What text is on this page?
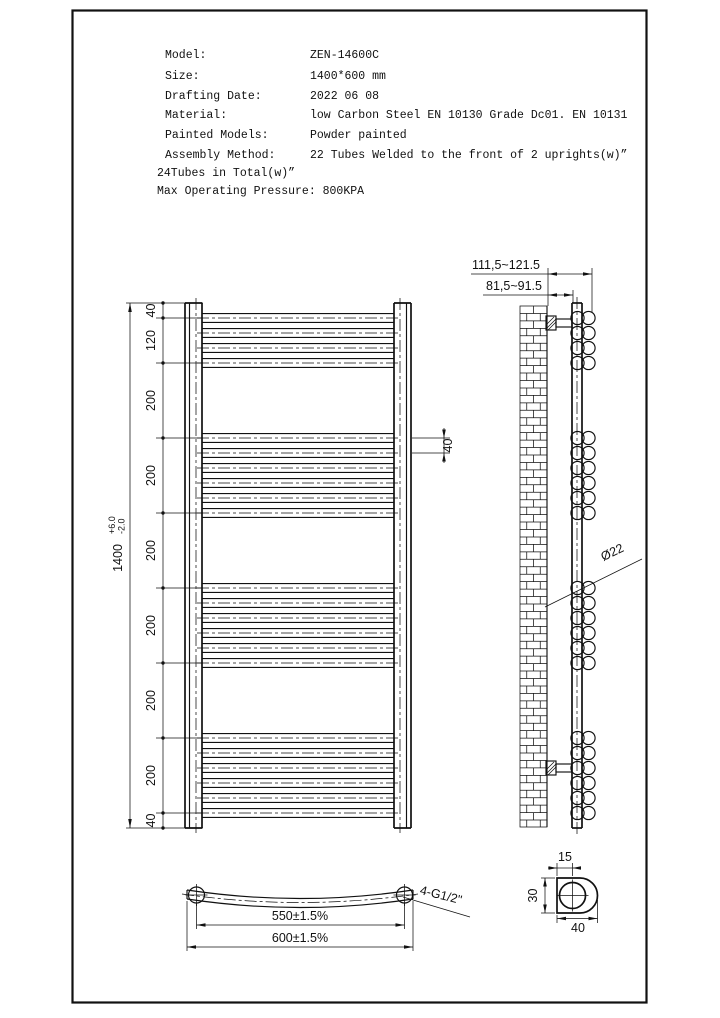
Model:	ZEN-14600C
Size:	1400*600 mm
Drafting Date:	2022 06 08
Material:	low Carbon Steel EN 10130 Grade Dc01. EN 10131
Painted Models:	Powder painted
Assembly Method:	22 Tubes Welded to the front of 2 uprights(w)”
24Tubes in Total(w)”
Max Operating Pressure: 800KPA
40
120
200
200
200
200
200
200
40
1400
+6.0 -2.0
40
111,5~121.5
81,5~91.5
Ø22
550±1.5%
600±1.5%
4-G1/2"
15
30
40
